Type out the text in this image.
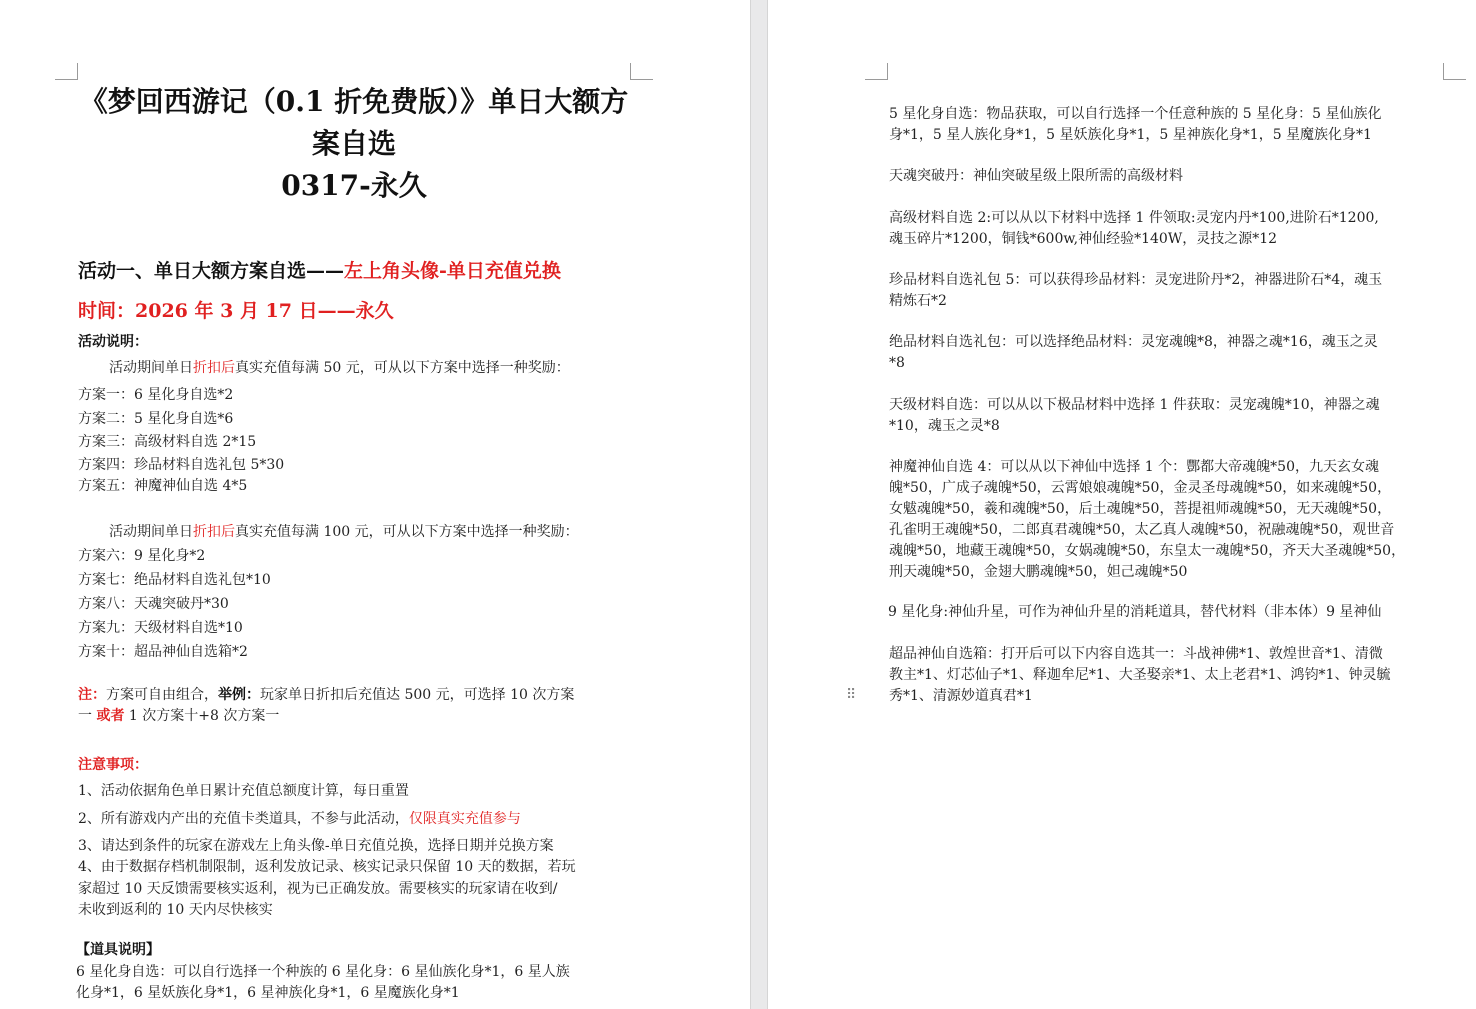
《梦回西游记（0.1 折免费版）》单日大额方
案自选
0317-永久
活动一、单日大额方案自选——左上角头像-单日充值兑换
时间：2026 年 3 月 17 日——永久
活动说明：
活动期间单日折扣后真实充值每满 50 元，可从以下方案中选择一种奖励：
方案一：6 星化身自选*2
方案二：5 星化身自选*6
方案三：高级材料自选 2*15
方案四：珍品材料自选礼包 5*30
方案五：神魔神仙自选 4*5
活动期间单日折扣后真实充值每满 100 元，可从以下方案中选择一种奖励：
方案六：9 星化身*2
方案七：绝品材料自选礼包*10
方案八：天魂突破丹*30
方案九：天级材料自选*10
方案十：超品神仙自选箱*2
注：方案可自由组合，举例：玩家单日折扣后充值达 500 元，可选择 10 次方案
一 或者 1 次方案十+8 次方案一
注意事项：
1、活动依据角色单日累计充值总额度计算，每日重置
2、所有游戏内产出的充值卡类道具，不参与此活动，仅限真实充值参与
3、请达到条件的玩家在游戏左上角头像-单日充值兑换，选择日期并兑换方案
4、由于数据存档机制限制，返利发放记录、核实记录只保留 10 天的数据，若玩
家超过 10 天反馈需要核实返利，视为已正确发放。需要核实的玩家请在收到/
未收到返利的 10 天内尽快核实
【道具说明】
6 星化身自选：可以自行选择一个种族的 6 星化身：6 星仙族化身*1，6 星人族
化身*1，6 星妖族化身*1，6 星神族化身*1，6 星魔族化身*1
5 星化身自选：物品获取，可以自行选择一个任意种族的 5 星化身：5 星仙族化
身*1，5 星人族化身*1，5 星妖族化身*1，5 星神族化身*1，5 星魔族化身*1
天魂突破丹：神仙突破星级上限所需的高级材料
高级材料自选 2:可以从以下材料中选择 1 件领取:灵宠内丹*100,进阶石*1200,
魂玉碎片*1200，铜钱*600w,神仙经验*140W，灵技之源*12
珍品材料自选礼包 5：可以获得珍品材料：灵宠进阶丹*2，神器进阶石*4，魂玉
精炼石*2
绝品材料自选礼包：可以选择绝品材料：灵宠魂魄*8，神器之魂*16，魂玉之灵
*8
天级材料自选：可以从以下极品材料中选择 1 件获取：灵宠魂魄*10，神器之魂
*10，魂玉之灵*8
神魔神仙自选 4：可以从以下神仙中选择 1 个：酆都大帝魂魄*50，九天玄女魂
魄*50，广成子魂魄*50，云霄娘娘魂魄*50，金灵圣母魂魄*50，如来魂魄*50，
女魃魂魄*50，羲和魂魄*50，后土魂魄*50，菩提祖师魂魄*50，无天魂魄*50，
孔雀明王魂魄*50，二郎真君魂魄*50，太乙真人魂魄*50，祝融魂魄*50，观世音
魂魄*50，地藏王魂魄*50，女娲魂魄*50，东皇太一魂魄*50，齐天大圣魂魄*50，
刑天魂魄*50，金翅大鹏魂魄*50，妲己魂魄*50
9 星化身:神仙升星，可作为神仙升星的消耗道具，替代材料（非本体）9 星神仙
超品神仙自选箱：打开后可以下内容自选其一：斗战神佛*1、敦煌世音*1、清微
教主*1、灯芯仙子*1、释迦牟尼*1、大圣娶亲*1、太上老君*1、鸿钧*1、钟灵毓
秀*1、清源妙道真君*1
⠿
